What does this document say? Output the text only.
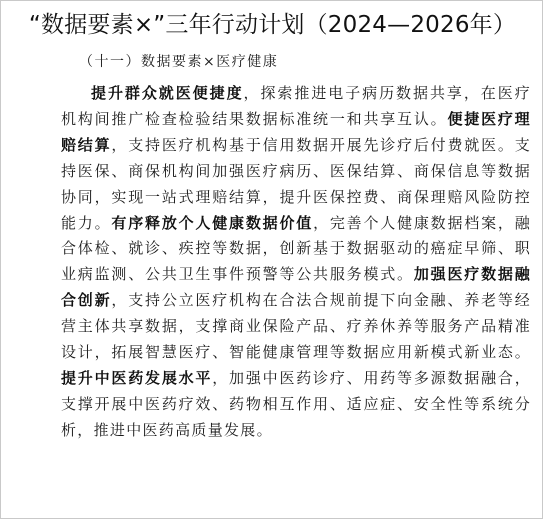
“数据要素×”三年行动计划（2024—2026年）
（十一）数据要素×医疗健康

提升群众就医便捷度，探索推进电子病历数据共享，在医疗机构间推广检查检验结果数据标准统一和共享互认。便捷医疗理赔结算，支持医疗机构基于信用数据开展先诊疗后付费就医。支持医保、商保机构间加强医疗病历、医保结算、商保信息等数据协同，实现一站式理赔结算，提升医保控费、商保理赔风险防控能力。有序释放个人健康数据价值，完善个人健康数据档案，融合体检、就诊、疾控等数据，创新基于数据驱动的癌症早筛、职业病监测、公共卫生事件预警等公共服务模式。加强医疗数据融合创新，支持公立医疗机构在合法合规前提下向金融、养老等经营主体共享数据，支撑商业保险产品、疗养休养等服务产品精准设计，拓展智慧医疗、智能健康管理等数据应用新模式新业态。提升中医药发展水平，加强中医药诊疗、用药等多源数据融合，支撑开展中医药疗效、药物相互作用、适应症、安全性等系统分析，推进中医药高质量发展。
